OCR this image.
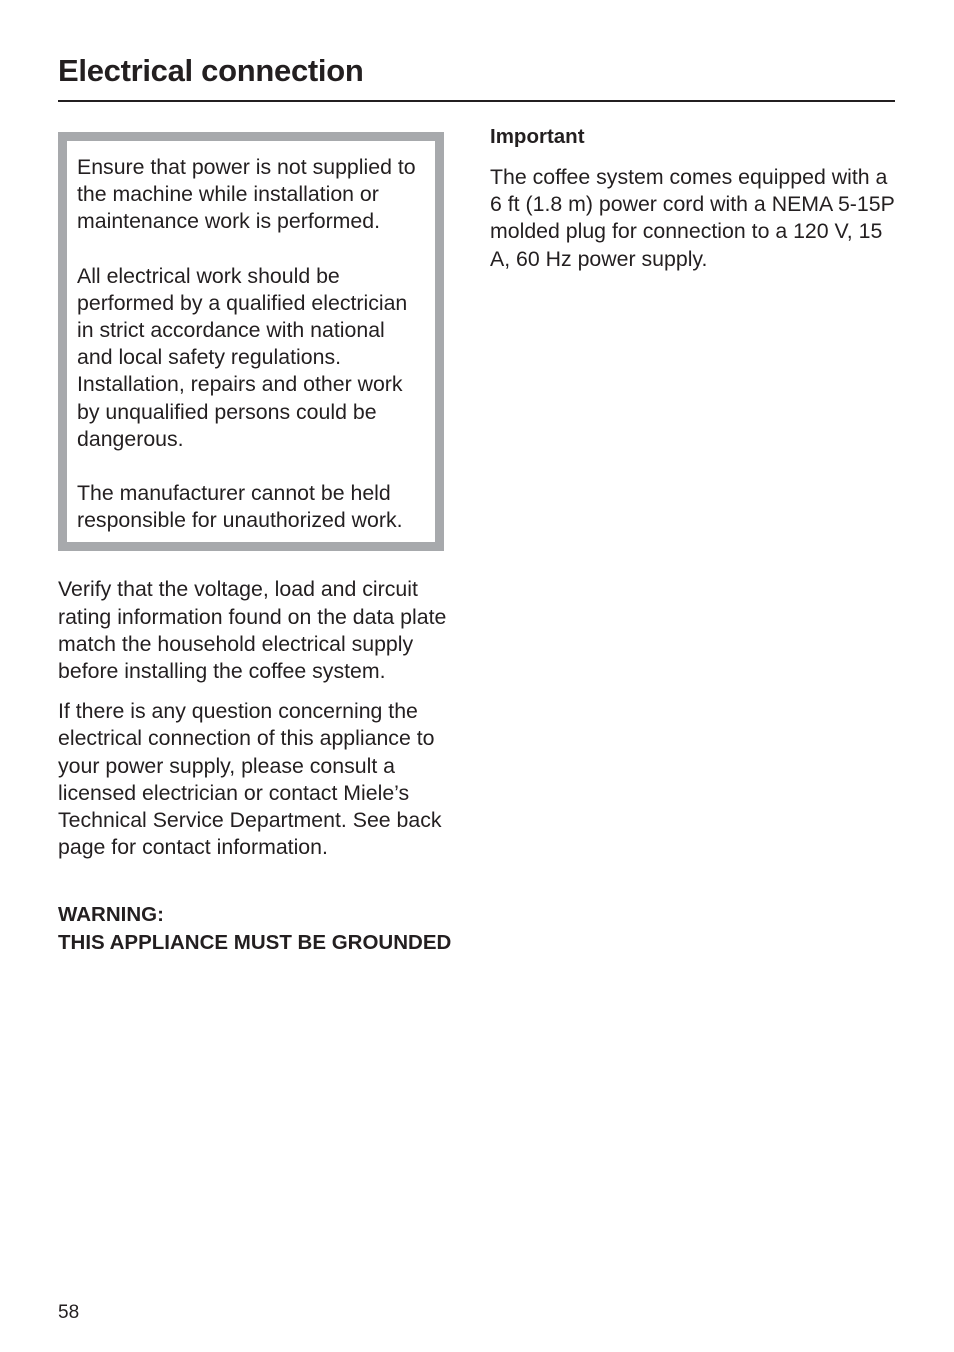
Electrical connection

Ensure that power is not supplied to the machine while installation or maintenance work is performed.

All electrical work should be performed by a qualified electrician in strict accordance with national and local safety regulations. Installation, repairs and other work by unqualified persons could be dangerous.

The manufacturer cannot be held responsible for unauthorized work.

Verify that the voltage, load and circuit rating information found on the data plate match the household electrical supply before installing the coffee system.

If there is any question concerning the electrical connection of this appliance to your power supply, please consult a licensed electrician or contact Miele’s Technical Service Department. See back page for contact information.

WARNING:
THIS APPLIANCE MUST BE GROUNDED

Important

The coffee system comes equipped with a 6 ft (1.8 m) power cord with a NEMA 5-15P molded plug for connection to a 120 V, 15 A, 60 Hz power supply.

58
